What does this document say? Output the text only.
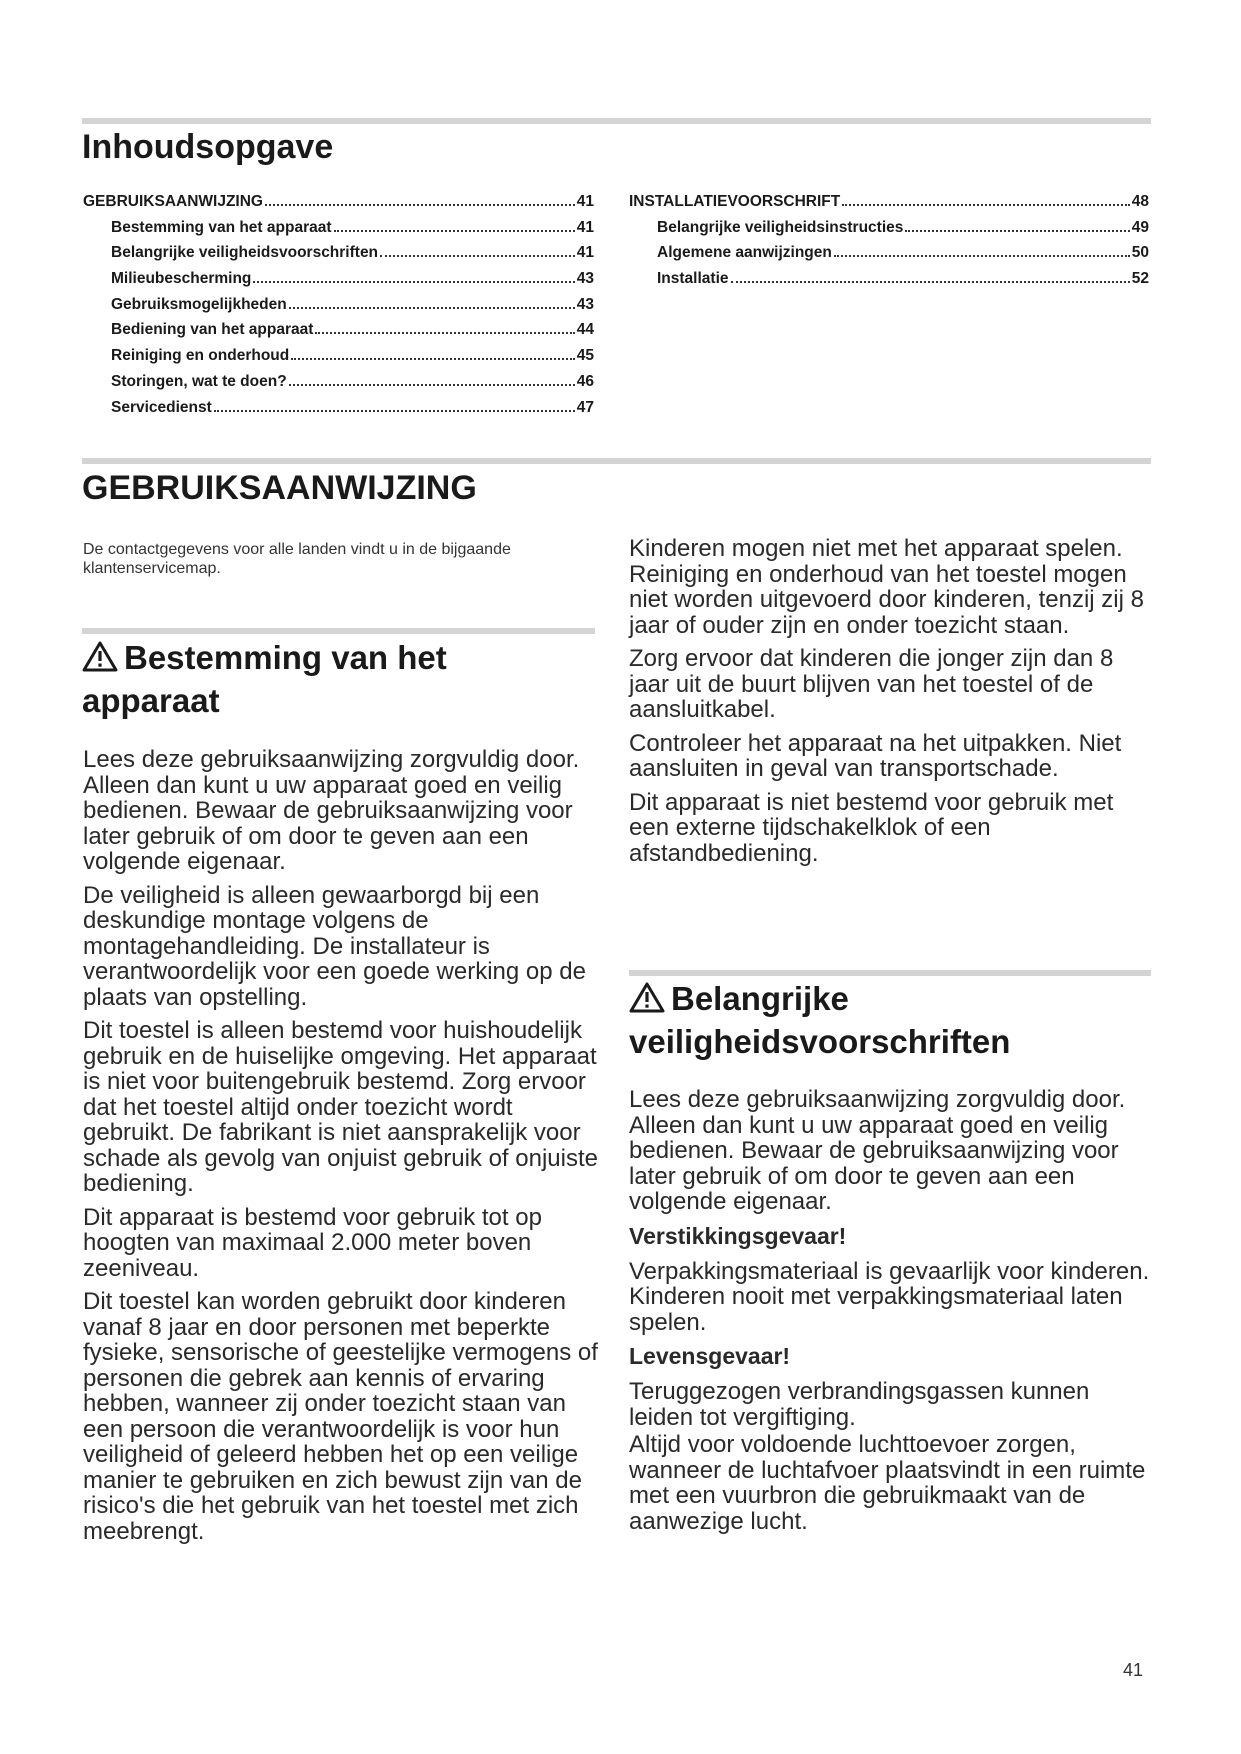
Inhoudsopgave
GEBRUIKSAANWIJZING	41
Bestemming van het apparaat	41
Belangrijke veiligheidsvoorschriften	41
Milieubescherming	43
Gebruiksmogelijkheden	43
Bediening van het apparaat	44
Reiniging en onderhoud	45
Storingen, wat te doen?	46
Servicedienst	47
INSTALLATIEVOORSCHRIFT	48
Belangrijke veiligheidsinstructies	49
Algemene aanwijzingen	50
Installatie	52
GEBRUIKSAANWIJZING
De contactgegevens voor alle landen vindt u in de bijgaande klantenservicemap.
Bestemming van het
apparaat

Lees deze gebruiksaanwijzing zorgvuldig door. Alleen dan kunt u uw apparaat goed en veilig bedienen. Bewaar de gebruiksaanwijzing voor later gebruik of om door te geven aan een volgende eigenaar.

De veiligheid is alleen gewaarborgd bij een deskundige montage volgens de montagehandleiding. De installateur is verantwoordelijk voor een goede werking op de plaats van opstelling.

Dit toestel is alleen bestemd voor huishoudelijk gebruik en de huiselijke omgeving. Het apparaat is niet voor buitengebruik bestemd. Zorg ervoor dat het toestel altijd onder toezicht wordt gebruikt. De fabrikant is niet aansprakelijk voor schade als gevolg van onjuist gebruik of onjuiste bediening.

Dit apparaat is bestemd voor gebruik tot op hoogten van maximaal 2.000 meter boven zeeniveau.

Dit toestel kan worden gebruikt door kinderen vanaf 8 jaar en door personen met beperkte fysieke, sensorische of geestelijke vermogens of personen die gebrek aan kennis of ervaring hebben, wanneer zij onder toezicht staan van een persoon die verantwoordelijk is voor hun veiligheid of geleerd hebben het op een veilige manier te gebruiken en zich bewust zijn van de risico's die het gebruik van het toestel met zich meebrengt.

Kinderen mogen niet met het apparaat spelen. Reiniging en onderhoud van het toestel mogen niet worden uitgevoerd door kinderen, tenzij zij 8 jaar of ouder zijn en onder toezicht staan.

Zorg ervoor dat kinderen die jonger zijn dan 8 jaar uit de buurt blijven van het toestel of de aansluitkabel.

Controleer het apparaat na het uitpakken. Niet aansluiten in geval van transportschade.

Dit apparaat is niet bestemd voor gebruik met een externe tijdschakelklok of een afstandbediening.

Belangrijke
veiligheidsvoorschriften

Lees deze gebruiksaanwijzing zorgvuldig door. Alleen dan kunt u uw apparaat goed en veilig bedienen. Bewaar de gebruiksaanwijzing voor later gebruik of om door te geven aan een volgende eigenaar.

Verstikkingsgevaar!

Verpakkingsmateriaal is gevaarlijk voor kinderen. Kinderen nooit met verpakkingsmateriaal laten spelen.

Levensgevaar!

Teruggezogen verbrandingsgassen kunnen leiden tot vergiftiging.

Altijd voor voldoende luchttoevoer zorgen, wanneer de luchtafvoer plaatsvindt in een ruimte met een vuurbron die gebruikmaakt van de aanwezige lucht.

41
